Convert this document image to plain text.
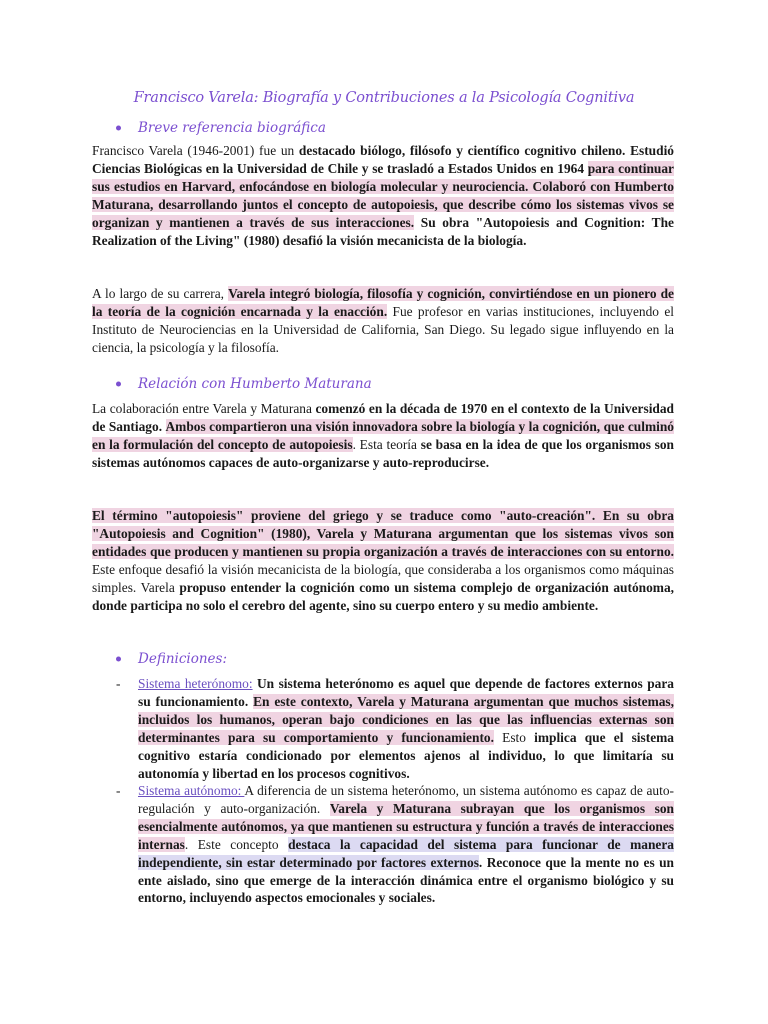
Francisco Varela: Biografía y Contribuciones a la Psicología Cognitiva
Breve referencia biográfica
Francisco Varela (1946-2001) fue un destacado biólogo, filósofo y científico cognitivo chileno. Estudió Ciencias Biológicas en la Universidad de Chile y se trasladó a Estados Unidos en 1964 para continuar sus estudios en Harvard, enfocándose en biología molecular y neurociencia. Colaboró con Humberto Maturana, desarrollando juntos el concepto de autopoiesis, que describe cómo los sistemas vivos se organizan y mantienen a través de sus interacciones. Su obra "Autopoiesis and Cognition: The Realization of the Living" (1980) desafió la visión mecanicista de la biología.
A lo largo de su carrera, Varela integró biología, filosofía y cognición, convirtiéndose en un pionero de la teoría de la cognición encarnada y la enacción. Fue profesor en varias instituciones, incluyendo el Instituto de Neurociencias en la Universidad de California, San Diego. Su legado sigue influyendo en la ciencia, la psicología y la filosofía.
Relación con Humberto Maturana
La colaboración entre Varela y Maturana comenzó en la década de 1970 en el contexto de la Universidad de Santiago. Ambos compartieron una visión innovadora sobre la biología y la cognición, que culminó en la formulación del concepto de autopoiesis. Esta teoría se basa en la idea de que los organismos son sistemas autónomos capaces de auto-organizarse y auto-reproducirse.
El término "autopoiesis" proviene del griego y se traduce como "auto-creación". En su obra "Autopoiesis and Cognition" (1980), Varela y Maturana argumentan que los sistemas vivos son entidades que producen y mantienen su propia organización a través de interacciones con su entorno. Este enfoque desafió la visión mecanicista de la biología, que consideraba a los organismos como máquinas simples. Varela propuso entender la cognición como un sistema complejo de organización autónoma, donde participa no solo el cerebro del agente, sino su cuerpo entero y su medio ambiente.
Definiciones:
- Sistema heterónomo: Un sistema heterónomo es aquel que depende de factores externos para su funcionamiento. En este contexto, Varela y Maturana argumentan que muchos sistemas, incluidos los humanos, operan bajo condiciones en las que las influencias externas son determinantes para su comportamiento y funcionamiento. Esto implica que el sistema cognitivo estaría condicionado por elementos ajenos al individuo, lo que limitaría su autonomía y libertad en los procesos cognitivos.
- Sistema autónomo: A diferencia de un sistema heterónomo, un sistema autónomo es capaz de auto-regulación y auto-organización. Varela y Maturana subrayan que los organismos son esencialmente autónomos, ya que mantienen su estructura y función a través de interacciones internas. Este concepto destaca la capacidad del sistema para funcionar de manera independiente, sin estar determinado por factores externos. Reconoce que la mente no es un ente aislado, sino que emerge de la interacción dinámica entre el organismo biológico y su entorno, incluyendo aspectos emocionales y sociales.
